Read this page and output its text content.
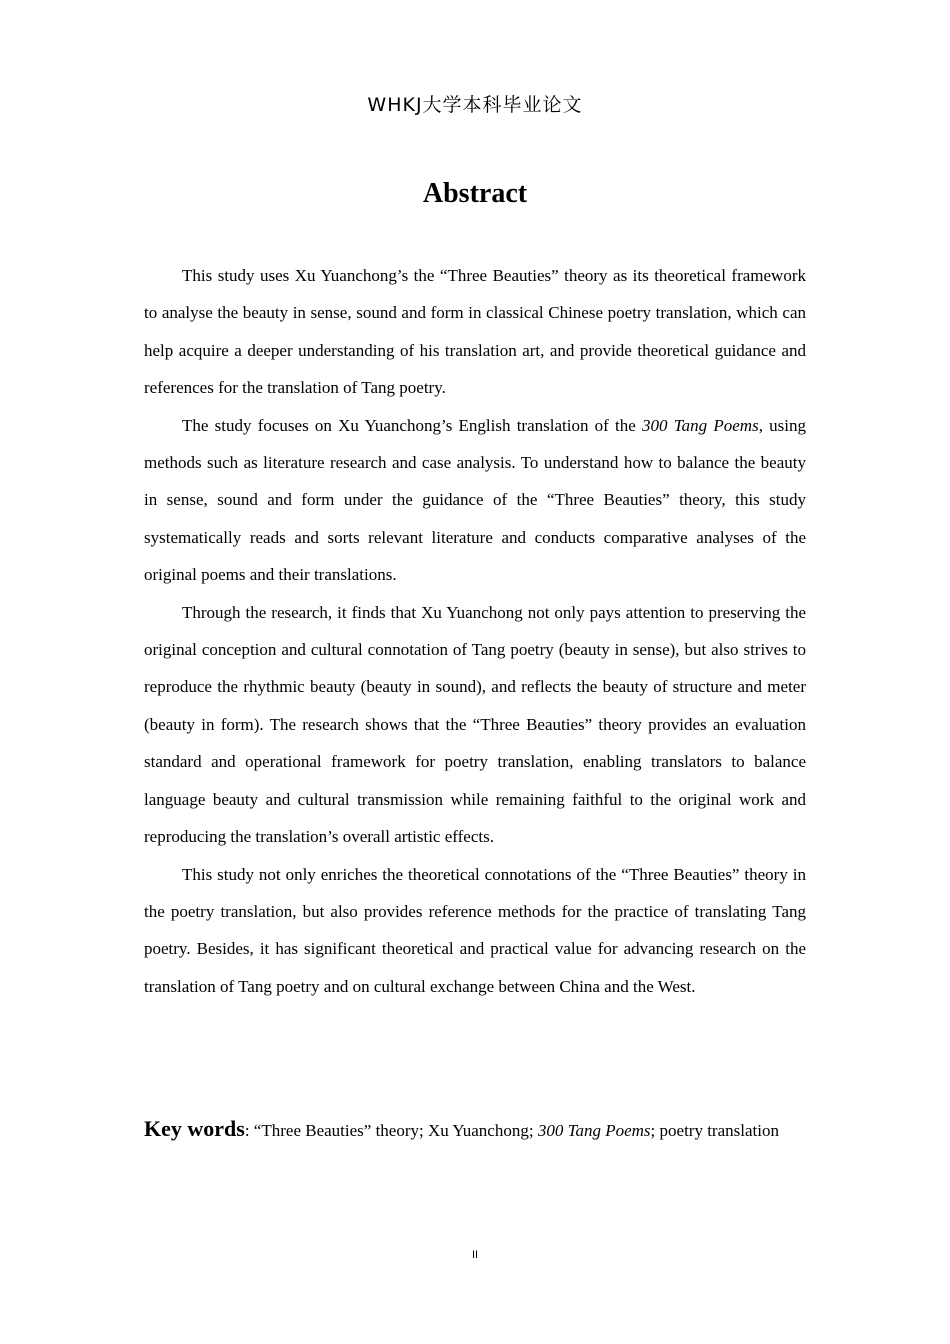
WHKJ大学本科毕业论文
Abstract

This study uses Xu Yuanchong’s the “Three Beauties” theory as its theoretical framework to analyse the beauty in sense, sound and form in classical Chinese poetry translation, which can help acquire a deeper understanding of his translation art, and provide theoretical guidance and references for the translation of Tang poetry.

The study focuses on Xu Yuanchong’s English translation of the 300 Tang Poems, using methods such as literature research and case analysis. To understand how to balance the beauty in sense, sound and form under the guidance of the “Three Beauties” theory, this study systematically reads and sorts relevant literature and conducts comparative analyses of the original poems and their translations.

Through the research, it finds that Xu Yuanchong not only pays attention to preserving the original conception and cultural connotation of Tang poetry (beauty in sense), but also strives to reproduce the rhythmic beauty (beauty in sound), and reflects the beauty of structure and meter (beauty in form). The research shows that the “Three Beauties” theory provides an evaluation standard and operational framework for poetry translation, enabling translators to balance language beauty and cultural transmission while remaining faithful to the original work and reproducing the translation’s overall artistic effects.

This study not only enriches the theoretical connotations of the “Three Beauties” theory in the poetry translation, but also provides reference methods for the practice of translating Tang poetry. Besides, it has significant theoretical and practical value for advancing research on the translation of Tang poetry and on cultural exchange between China and the West.

Key words: “Three Beauties” theory; Xu Yuanchong; 300 Tang Poems; poetry translation
II
